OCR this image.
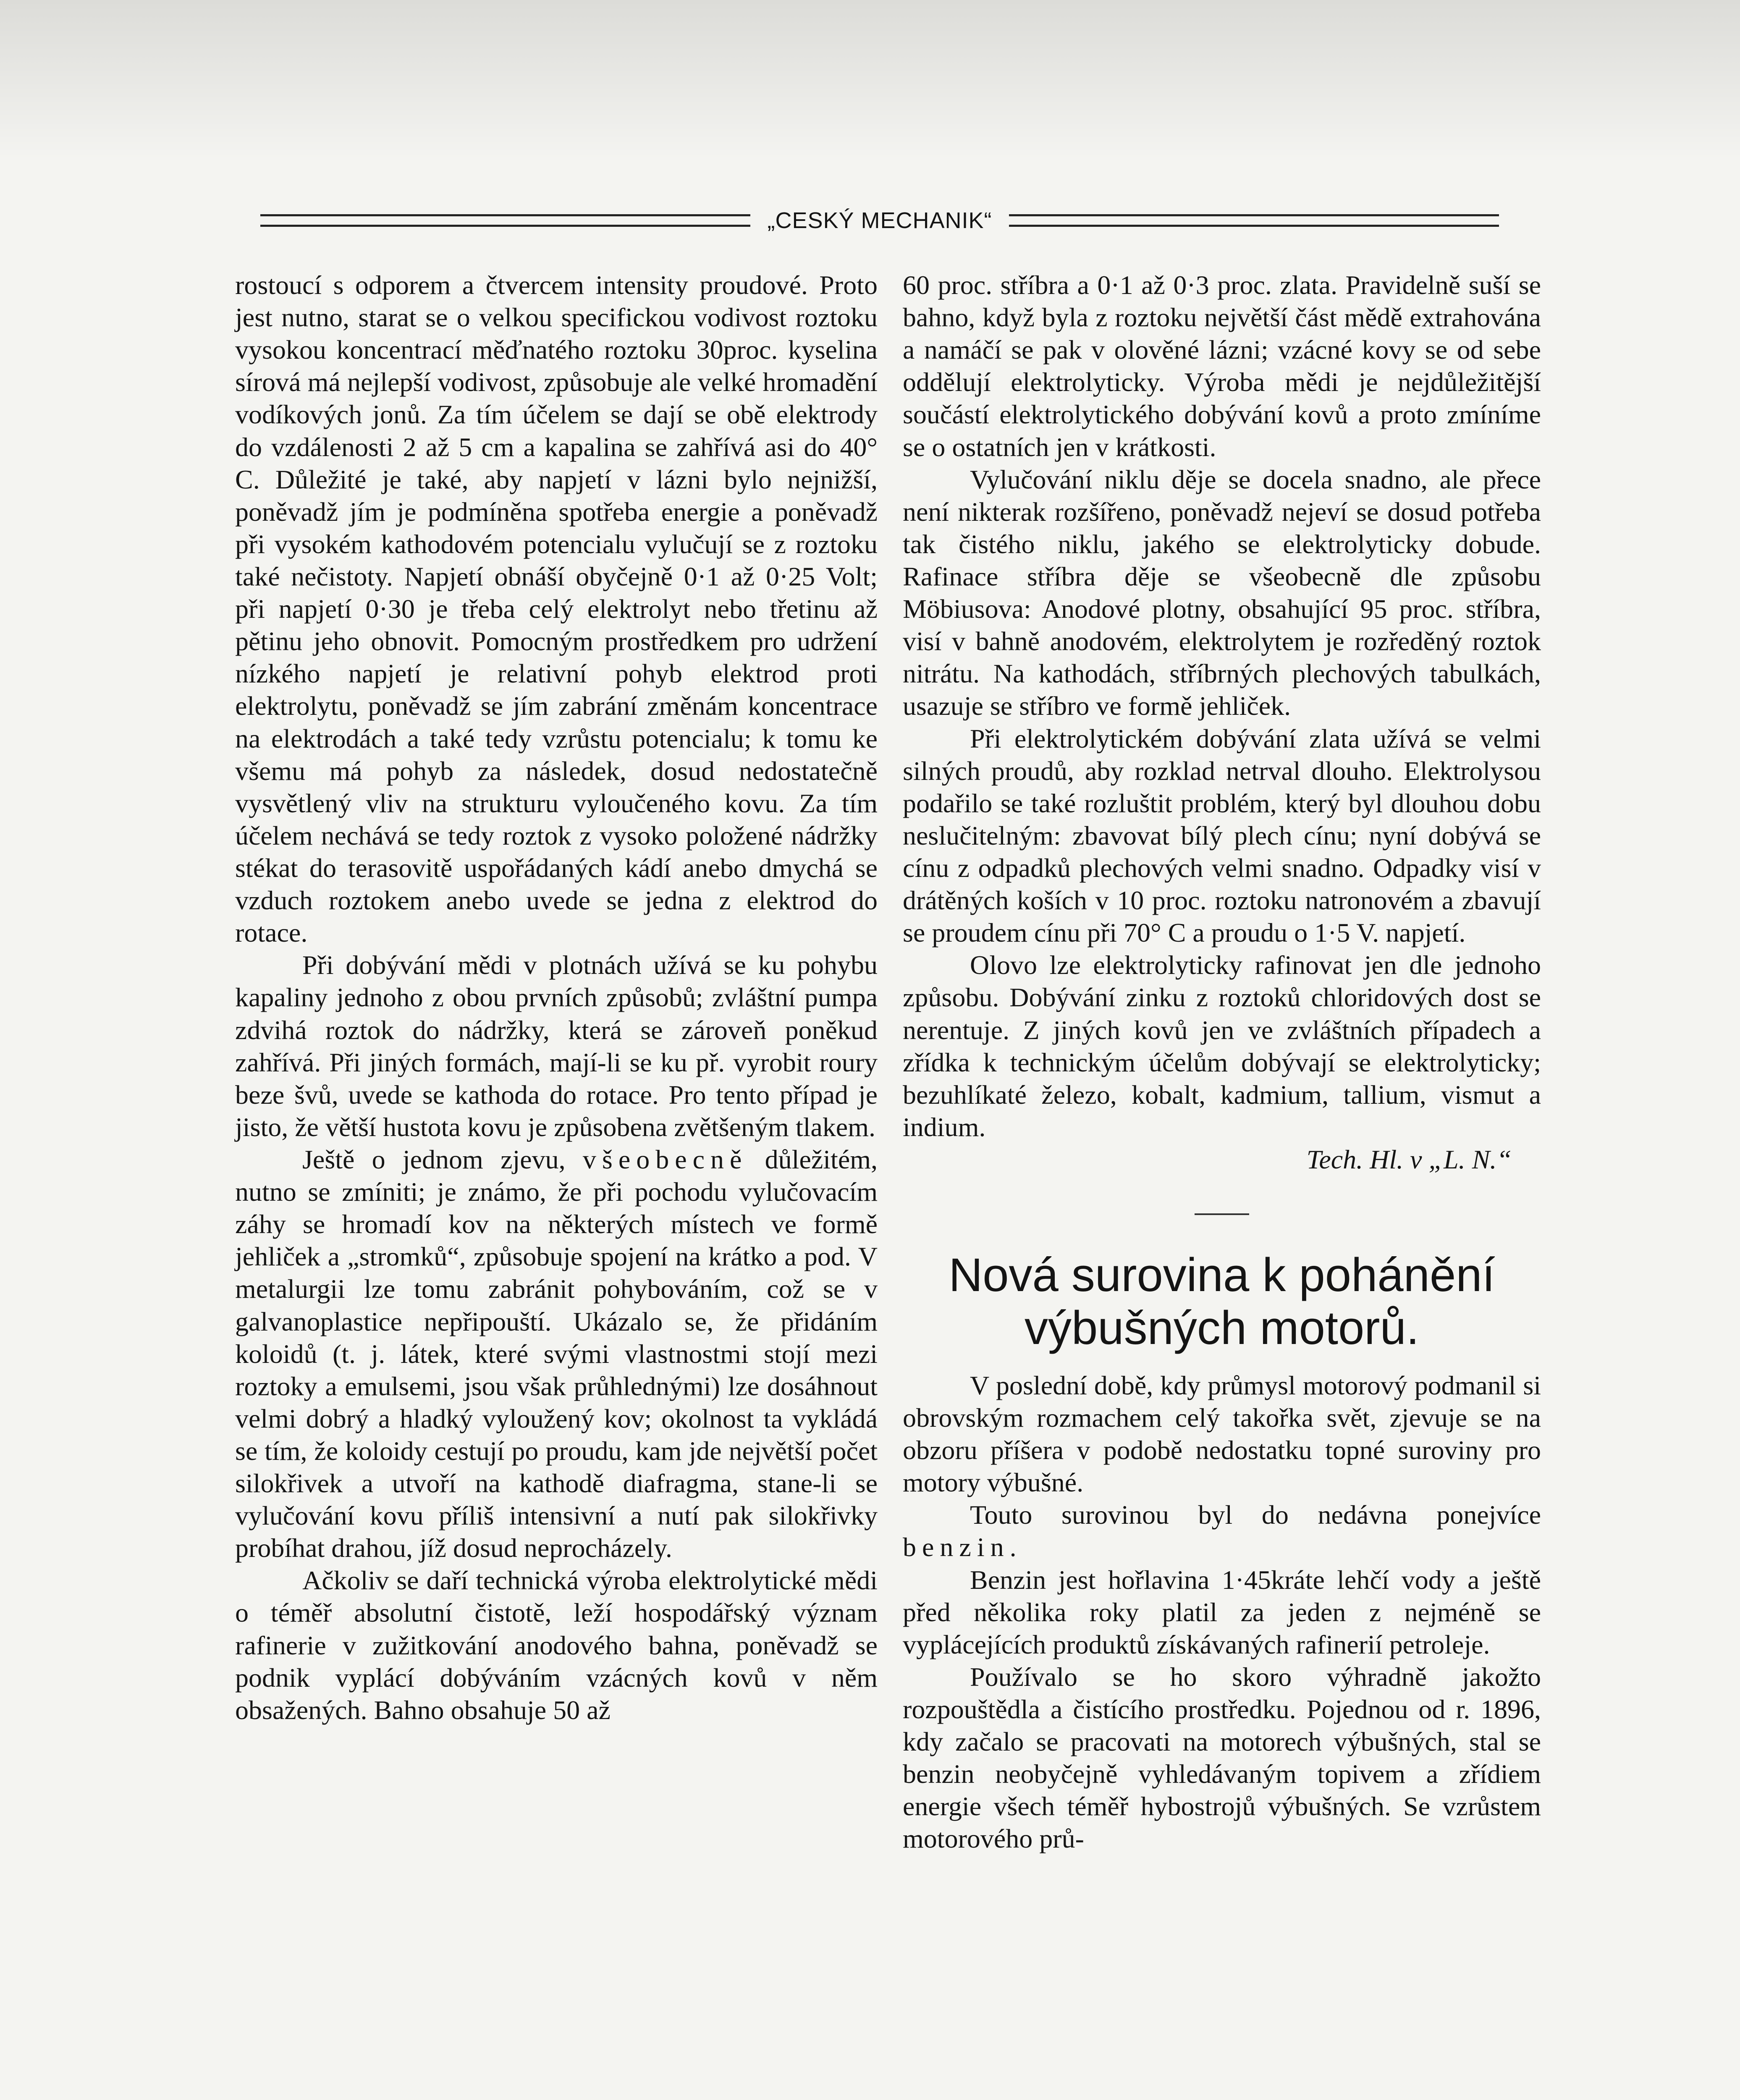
„CESKÝ MECHANIK“

rostoucí s odporem a čtvercem intensity proudové. Proto jest nutno, starat se o velkou specifickou vodivost roztoku vysokou koncentrací měďnatého roztoku 30proc. kyselina sírová má nejlepší vodivost, způsobuje ale velké hromadění vodíkových jonů. Za tím účelem se dají se obě elektrody do vzdálenosti 2 až 5 cm a kapalina se zahřívá asi do 40° C. Důležité je také, aby napjetí v lázni bylo nejnižší, poněvadž jím je podmíněna spotřeba energie a poněvadž při vysokém kathodovém potencialu vylučují se z roztoku také nečistoty. Napjetí obnáší obyčejně 0·1 až 0·25 Volt; při napjetí 0·30 je třeba celý elektrolyt nebo třetinu až pětinu jeho obnovit. Pomocným prostředkem pro udržení nízkého napjetí je relativní pohyb elektrod proti elektrolytu, poněvadž se jím zabrání změnám koncentrace na elektrodách a také tedy vzrůstu potencialu; k tomu ke všemu má pohyb za následek, dosud nedostatečně vysvětlený vliv na strukturu vyloučeného kovu. Za tím účelem nechává se tedy roztok z vysoko položené nádržky stékat do terasovitě uspořádaných kádí anebo dmychá se vzduch roztokem anebo uvede se jedna z elektrod do rotace.

Při dobývání mědi v plotnách užívá se ku pohybu kapaliny jednoho z obou prvních způsobů; zvláštní pumpa zdvihá roztok do nádržky, která se zároveň poněkud zahřívá. Při jiných formách, mají-li se ku př. vyrobit roury beze švů, uvede se kathoda do rotace. Pro tento případ je jisto, že větší hustota kovu je způsobena zvětšeným tlakem.

Ještě o jednom zjevu, všeobecně důležitém, nutno se zmíniti; je známo, že při pochodu vylučovacím záhy se hromadí kov na některých místech ve formě jehliček a „stromků“, způsobuje spojení na krátko a pod. V metalurgii lze tomu zabránit pohybováním, což se v galvanoplastice nepřipouští. Ukázalo se, že přidáním koloidů (t. j. látek, které svými vlastnostmi stojí mezi roztoky a emulsemi, jsou však průhlednými) lze dosáhnout velmi dobrý a hladký vyloužený kov; okolnost ta vykládá se tím, že koloidy cestují po proudu, kam jde největší počet silokřivek a utvoří na kathodě diafragma, stane-li se vylučování kovu příliš intensivní a nutí pak silokřivky probíhat drahou, jíž dosud neprocházely.

Ačkoliv se daří technická výroba elektrolytické mědi o téměř absolutní čistotě, leží hospodářský význam rafinerie v zužitkování anodového bahna, poněvadž se podnik vyplácí dobýváním vzácných kovů v něm obsažených. Bahno obsahuje 50 až

60 proc. stříbra a 0·1 až 0·3 proc. zlata. Pravidelně suší se bahno, když byla z roztoku největší část mědě extrahována a namáčí se pak v olověné lázni; vzácné kovy se od sebe oddělují elektrolyticky. Výroba mědi je nejdůležitější součástí elektrolytického dobývání kovů a proto zmíníme se o ostatních jen v krátkosti.

Vylučování niklu děje se docela snadno, ale přece není nikterak rozšířeno, poněvadž nejeví se dosud potřeba tak čistého niklu, jakého se elektrolyticky dobude. Rafinace stříbra děje se všeobecně dle způsobu Möbiusova: Anodové plotny, obsahující 95 proc. stříbra, visí v bahně anodovém, elektrolytem je rozředěný roztok nitrátu. Na kathodách, stříbrných plechových tabulkách, usazuje se stříbro ve formě jehliček.

Při elektrolytickém dobývání zlata užívá se velmi silných proudů, aby rozklad netrval dlouho. Elektrolysou podařilo se také rozluštit problém, který byl dlouhou dobu neslučitelným: zbavovat bílý plech cínu; nyní dobývá se cínu z odpadků plechových velmi snadno. Odpadky visí v drátěných koších v 10 proc. roztoku natronovém a zbavují se proudem cínu při 70° C a proudu o 1·5 V. napjetí.

Olovo lze elektrolyticky rafinovat jen dle jednoho způsobu. Dobývání zinku z roztoků chloridových dost se nerentuje. Z jiných kovů jen ve zvláštních případech a zřídka k technickým účelům dobývají se elektrolyticky; bezuhlíkaté železo, kobalt, kadmium, tallium, vismut a indium.

Tech. Hl. v „L. N.“

Nová surovina k pohánění výbušných motorů.

V poslední době, kdy průmysl motorový podmanil si obrovským rozmachem celý takořka svět, zjevuje se na obzoru příšera v podobě nedostatku topné suroviny pro motory výbušné.

Touto surovinou byl do nedávna ponejvíce benzin.

Benzin jest hořlavina 1·45kráte lehčí vody a ještě před několika roky platil za jeden z nejméně se vyplácejících produktů získávaných rafinerií petroleje.

Používalo se ho skoro výhradně jakožto rozpouštědla a čistícího prostředku. Pojednou od r. 1896, kdy začalo se pracovati na motorech výbušných, stal se benzin neobyčejně vyhledávaným topivem a zřídiem energie všech téměř hybostrojů výbušných. Se vzrůstem motorového prů-
